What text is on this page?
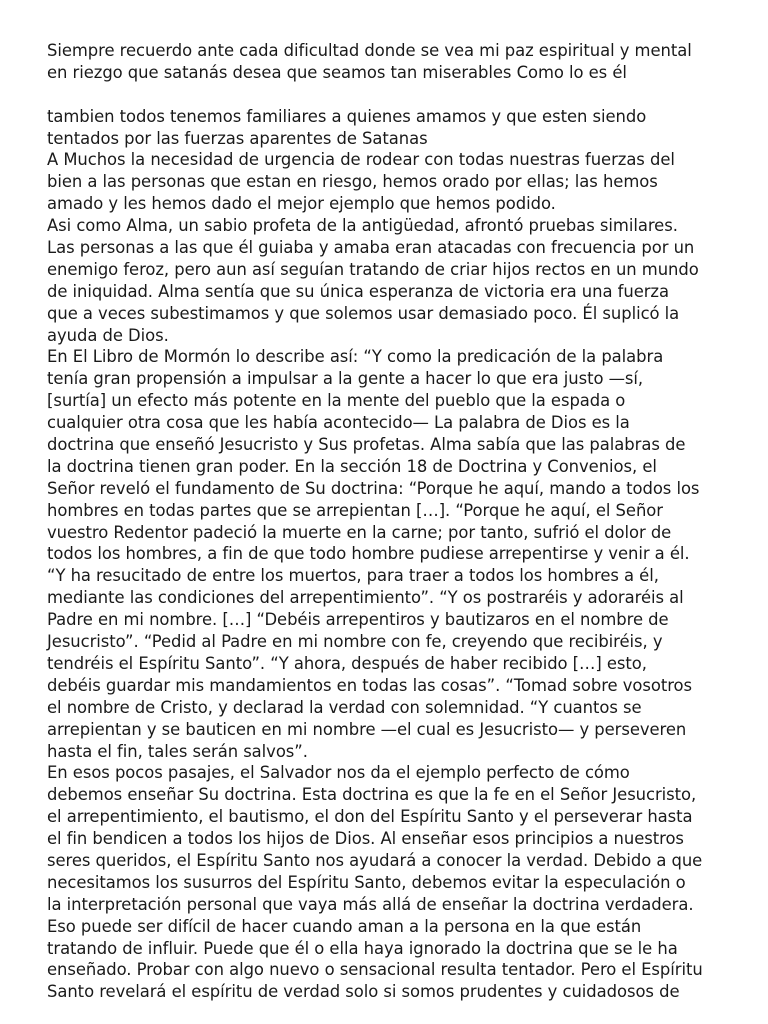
Siempre recuerdo ante cada dificultad donde se vea mi paz espiritual y mental
en riezgo que satanás desea que seamos tan miserables Como lo es él
tambien todos tenemos familiares a quienes amamos y que esten siendo
tentados por las fuerzas aparentes de Satanas
A Muchos la necesidad de urgencia de rodear con todas nuestras fuerzas del
bien a las personas que estan en riesgo, hemos orado por ellas; las hemos
amado y les hemos dado el mejor ejemplo que hemos podido.
Asi como Alma, un sabio profeta de la antigüedad, afrontó pruebas similares.
Las personas a las que él guiaba y amaba eran atacadas con frecuencia por un
enemigo feroz, pero aun así seguían tratando de criar hijos rectos en un mundo
de iniquidad. Alma sentía que su única esperanza de victoria era una fuerza
que a veces subestimamos y que solemos usar demasiado poco. Él suplicó la
ayuda de Dios.
En El Libro de Mormón lo describe así: “Y como la predicación de la palabra
tenía gran propensión a impulsar a la gente a hacer lo que era justo —sí,
[surtía] un efecto más potente en la mente del pueblo que la espada o
cualquier otra cosa que les había acontecido— La palabra de Dios es la
doctrina que enseñó Jesucristo y Sus profetas. Alma sabía que las palabras de
la doctrina tienen gran poder. En la sección 18 de Doctrina y Convenios, el
Señor reveló el fundamento de Su doctrina: “Porque he aquí, mando a todos los
hombres en todas partes que se arrepientan […]. “Porque he aquí, el Señor
vuestro Redentor padeció la muerte en la carne; por tanto, sufrió el dolor de
todos los hombres, a fin de que todo hombre pudiese arrepentirse y venir a él.
“Y ha resucitado de entre los muertos, para traer a todos los hombres a él,
mediante las condiciones del arrepentimiento”. “Y os postraréis y adoraréis al
Padre en mi nombre. […] “Debéis arrepentiros y bautizaros en el nombre de
Jesucristo”. “Pedid al Padre en mi nombre con fe, creyendo que recibiréis, y
tendréis el Espíritu Santo”. “Y ahora, después de haber recibido […] esto,
debéis guardar mis mandamientos en todas las cosas”. “Tomad sobre vosotros
el nombre de Cristo, y declarad la verdad con solemnidad. “Y cuantos se
arrepientan y se bauticen en mi nombre —el cual es Jesucristo— y perseveren
hasta el fin, tales serán salvos”.
En esos pocos pasajes, el Salvador nos da el ejemplo perfecto de cómo
debemos enseñar Su doctrina. Esta doctrina es que la fe en el Señor Jesucristo,
el arrepentimiento, el bautismo, el don del Espíritu Santo y el perseverar hasta
el fin bendicen a todos los hijos de Dios. Al enseñar esos principios a nuestros
seres queridos, el Espíritu Santo nos ayudará a conocer la verdad. Debido a que
necesitamos los susurros del Espíritu Santo, debemos evitar la especulación o
la interpretación personal que vaya más allá de enseñar la doctrina verdadera.
Eso puede ser difícil de hacer cuando aman a la persona en la que están
tratando de influir. Puede que él o ella haya ignorado la doctrina que se le ha
enseñado. Probar con algo nuevo o sensacional resulta tentador. Pero el Espíritu
Santo revelará el espíritu de verdad solo si somos prudentes y cuidadosos de
